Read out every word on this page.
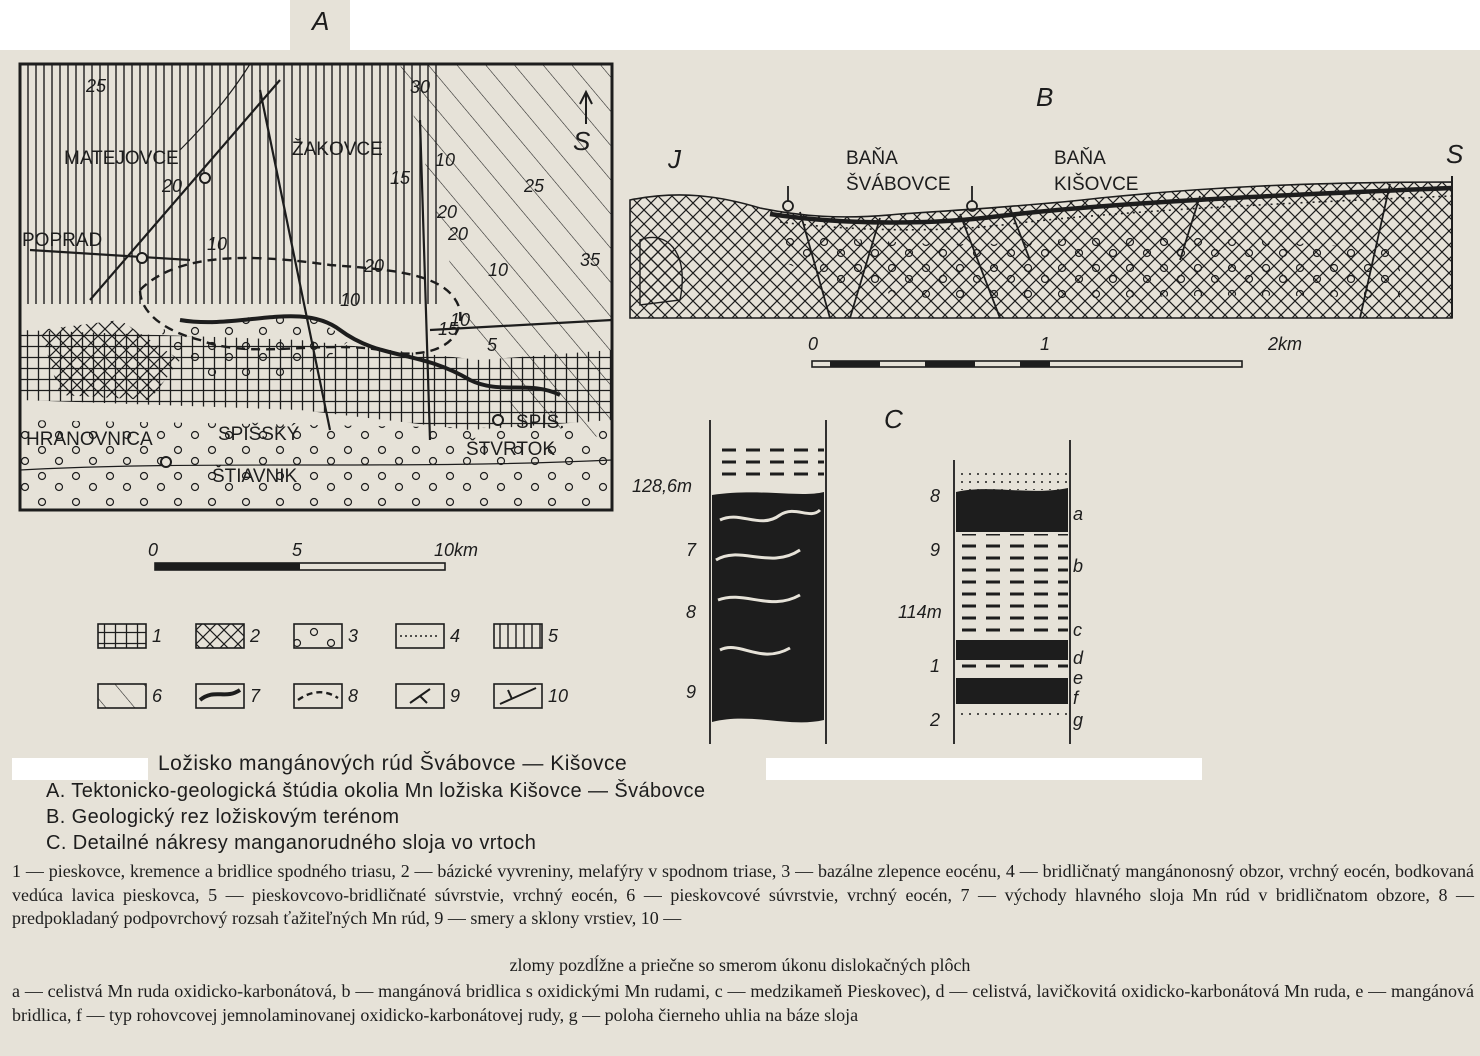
A
MATEJOVCE	ŽAKOVCE
POPRAD
HRANOVNICA	SPIŠSKÝ
ŠTIAVNIK
SPIŠ.
ŠTVRTOK
S
25	30
15
10
25
20
20
10	35
20
10
20
10
15
10
5
0	5	10km
1	2	3	4	5
6	7	8	9	10
B
J	S
BAŇA
ŠVÁBOVCE
BAŇA
KIŠOVCE
0	1	2km
C
128,6m
7
8
9
8
9
114m
1
2
a
b
c
d
e
f
g
Ložisko mangánových rúd Švábovce — Kišovce
A. Tektonicko-geologická štúdia okolia Mn ložiska Kišovce — Švábovce
B. Geologický rez ložiskovým terénom
C. Detailné nákresy manganorudného sloja vo vrtoch
1 — pieskovce, kremence a bridlice spodného triasu, 2 — bázické vyvreniny, melafýry v spodnom triase, 3 — bazálne zlepence eocénu, 4 — bridličnatý mangánonosný obzor, vrchný eocén, bodkovaná vedúca lavica pieskovca, 5 — pieskovcovo-bridličnaté súvrstvie, vrchný eocén, 6 — pieskovcové súvrstvie, vrchný eocén, 7 — východy hlavného sloja Mn rúd v bridličnatom obzore, 8 — predpokladaný podpovrchový rozsah ťažiteľných Mn rúd, 9 — smery a sklony vrstiev, 10 —
zlomy pozdĺžne a priečne so smerom úkonu dislokačných plôch
a — celistvá Mn ruda oxidicko-karbonátová, b — mangánová bridlica s oxidickými Mn rudami, c — medzikameň Pieskovec), d — celistvá, lavičkovitá oxidicko-karbonátová Mn ruda, e — mangánová bridlica, f — typ rohovcovej jemnolaminovanej oxidicko-karbonátovej rudy, g — poloha čierneho uhlia na báze sloja
